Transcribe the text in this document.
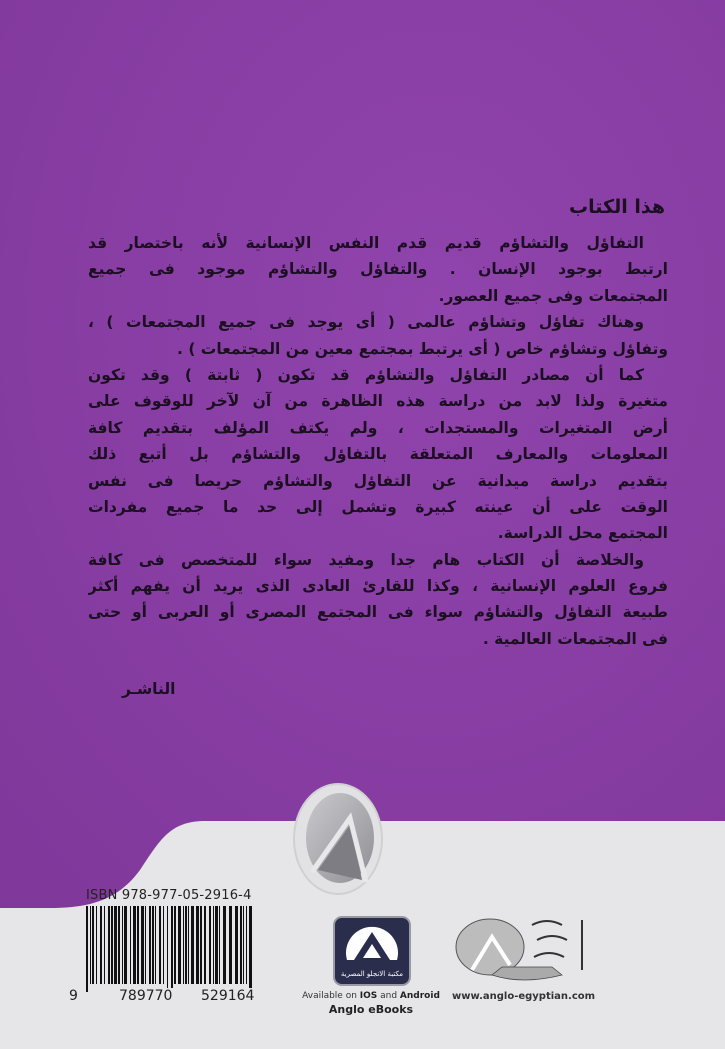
هذا الكتاب
التفاؤل والتشاؤم قديم قدم النفس الإنسانية لأنه باختصار قد
ارتبط بوجود الإنسان . والتفاؤل والتشاؤم موجود فى جميع
المجتمعات وفى جميع العصور.
وهناك تفاؤل وتشاؤم عالمى ( أى يوجد فى جميع المجتمعات ) ،
وتفاؤل وتشاؤم خاص ( أى يرتبط بمجتمع معين من المجتمعات ) .
كما أن مصادر التفاؤل والتشاؤم قد تكون ( ثابتة ) وقد تكون
متغيرة ولذا لابد من دراسة هذه الظاهرة من آن لآخر للوقوف على
أرض المتغيرات والمستجدات ، ولم يكتف المؤلف بتقديم كافة
المعلومات والمعارف المتعلقة بالتفاؤل والتشاؤم بل أتبع ذلك
بتقديم دراسة ميدانية عن التفاؤل والتشاؤم حريصا فى نفس
الوقت على أن عينته كبيرة وتشمل إلى حد ما جميع مفردات
المجتمع محل الدراسة.
والخلاصة أن الكتاب هام جدا ومفيد سواء للمتخصص فى كافة
فروع العلوم الإنسانية ، وكذا للقارئ العادى الذى يريد أن يفهم أكثر
طبيعة التفاؤل والتشاؤم سواء فى المجتمع المصرى أو العربى أو حتى
فى المجتمعات العالمية .
الناشـر
ISBN 978-977-05-2916-4
9	789770 529164
مكتبة الانجلو المصرية
Available on IOS and Android
Anglo eBooks
www.anglo-egyptian.com
